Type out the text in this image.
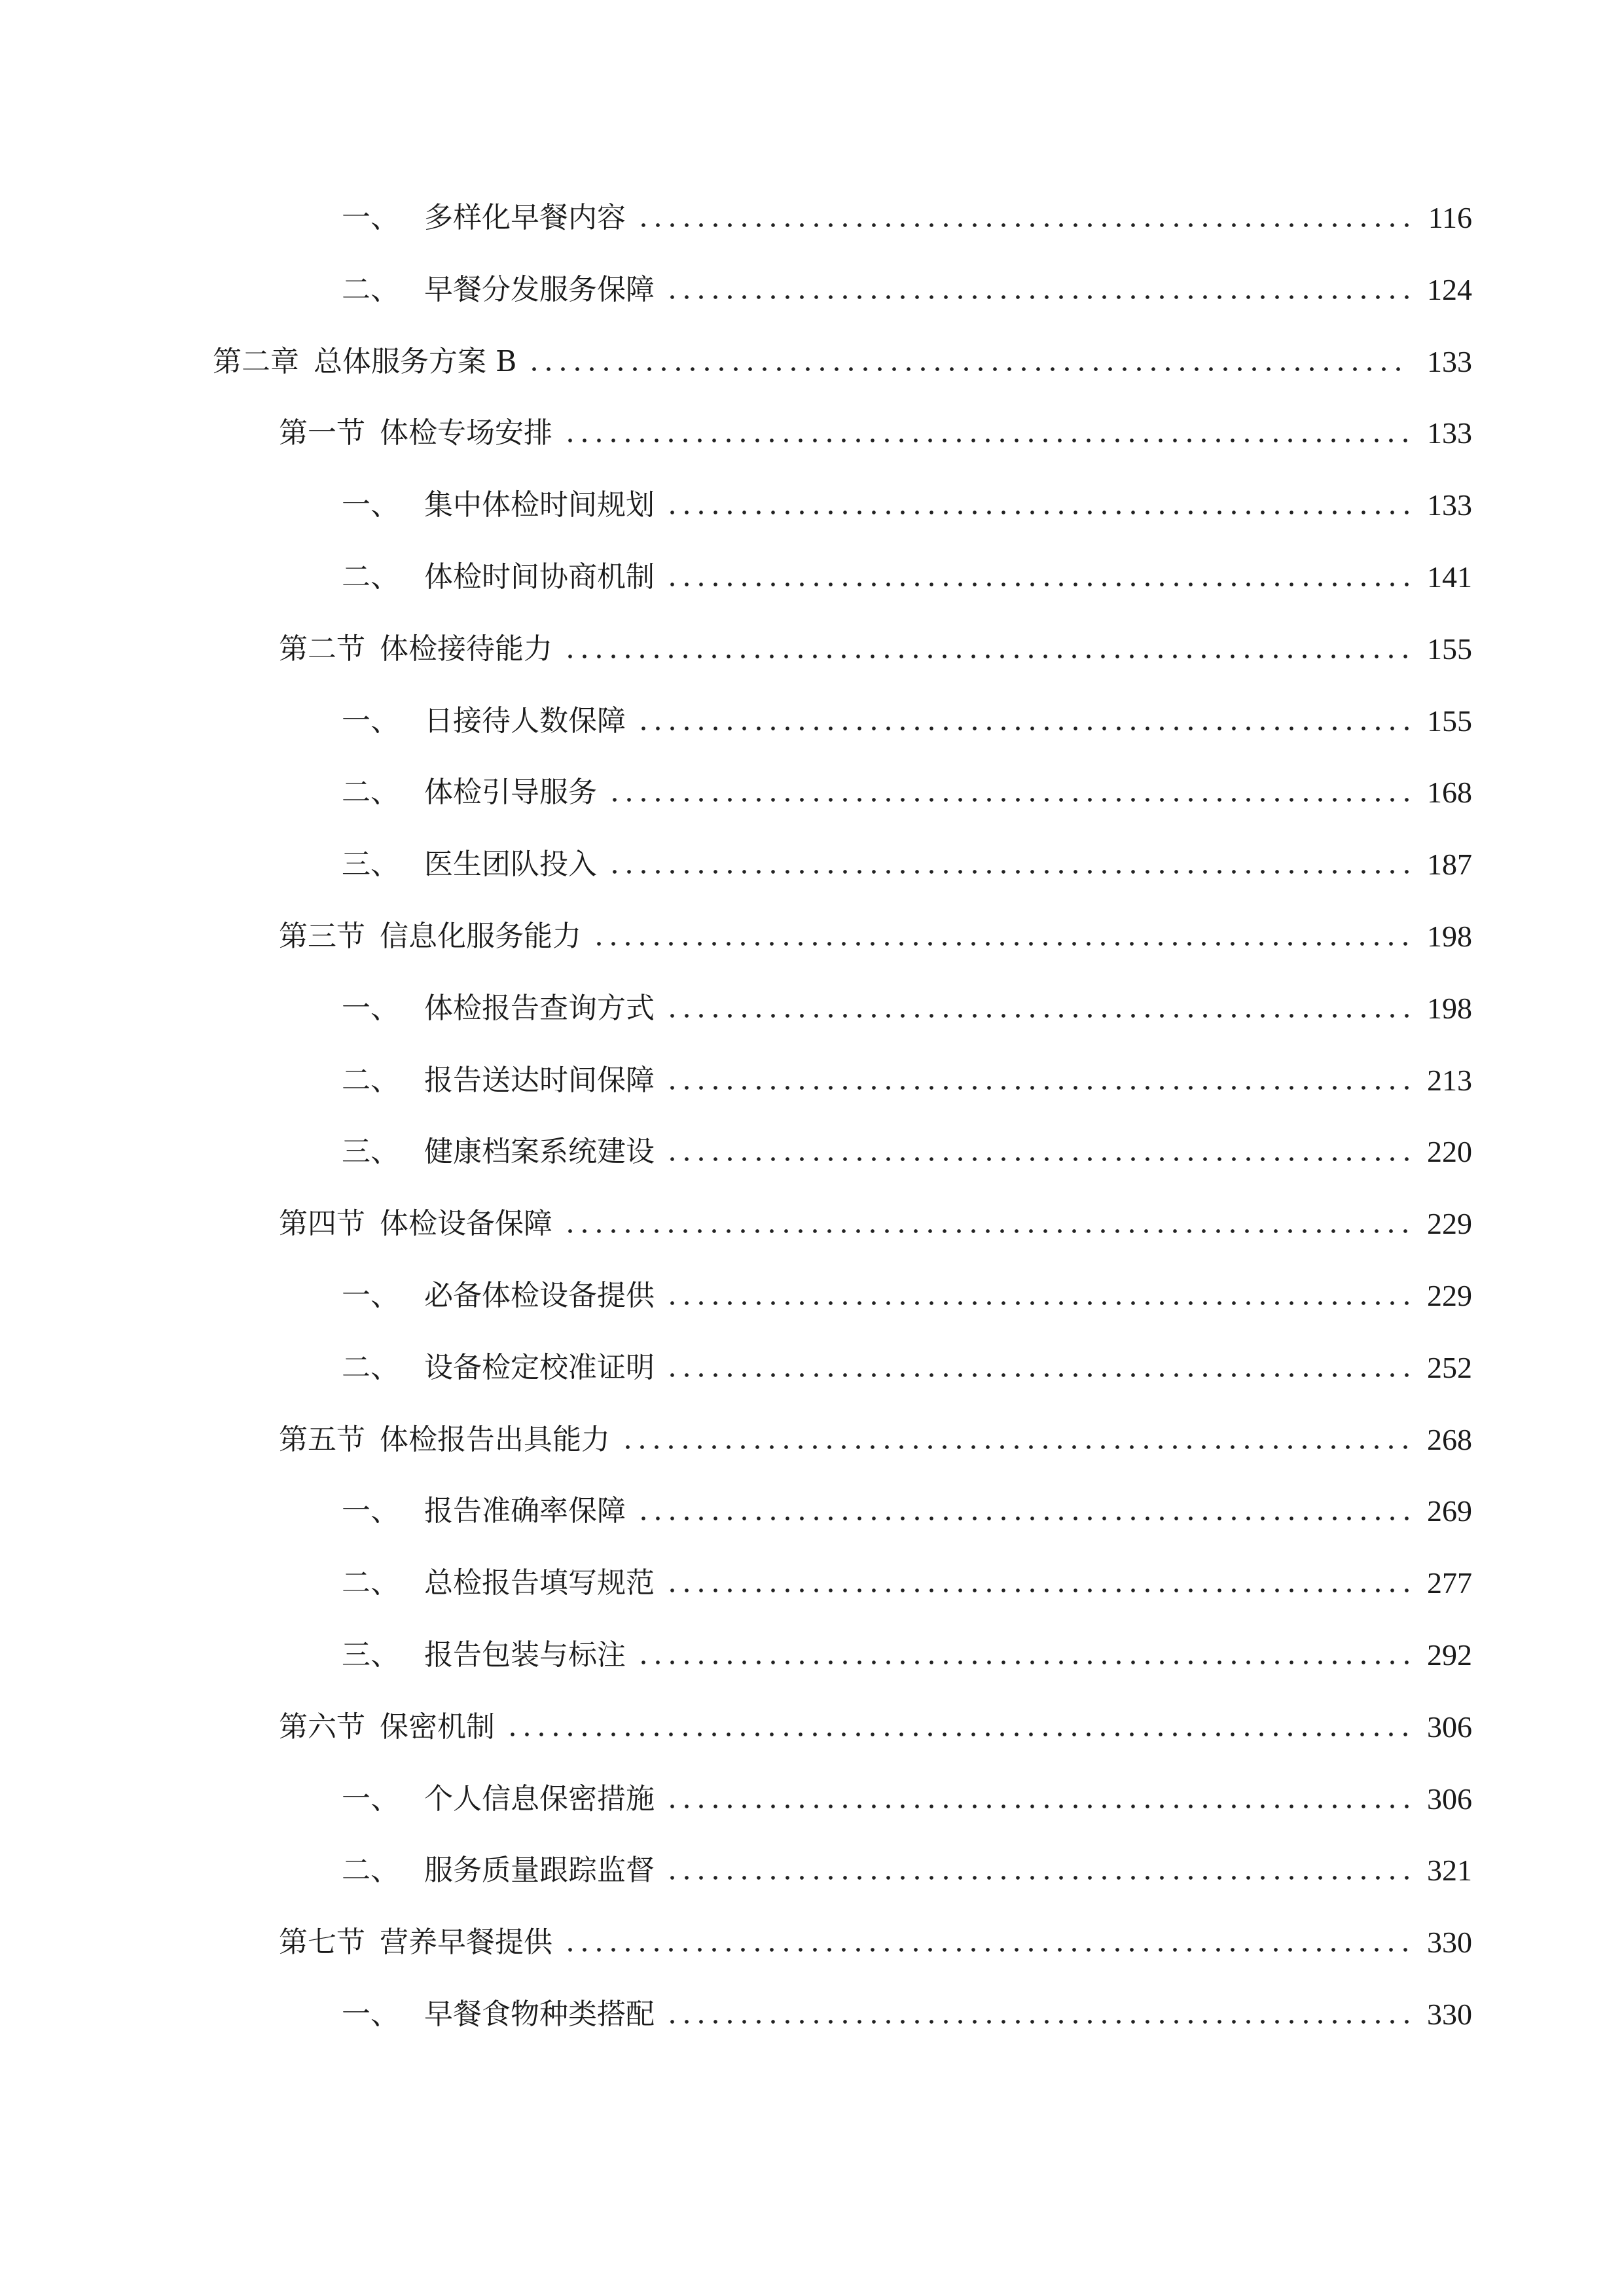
一、 多样化早餐内容	116
二、 早餐分发服务保障	124
第二章 总体服务方案 B	133
第一节 体检专场安排	133
一、 集中体检时间规划	133
二、 体检时间协商机制	141
第二节 体检接待能力	155
一、 日接待人数保障	155
二、 体检引导服务	168
三、 医生团队投入	187
第三节 信息化服务能力	198
一、 体检报告查询方式	198
二、 报告送达时间保障	213
三、 健康档案系统建设	220
第四节 体检设备保障	229
一、 必备体检设备提供	229
二、 设备检定校准证明	252
第五节 体检报告出具能力	268
一、 报告准确率保障	269
二、 总检报告填写规范	277
三、 报告包装与标注	292
第六节 保密机制	306
一、 个人信息保密措施	306
二、 服务质量跟踪监督	321
第七节 营养早餐提供	330
一、 早餐食物种类搭配	330
